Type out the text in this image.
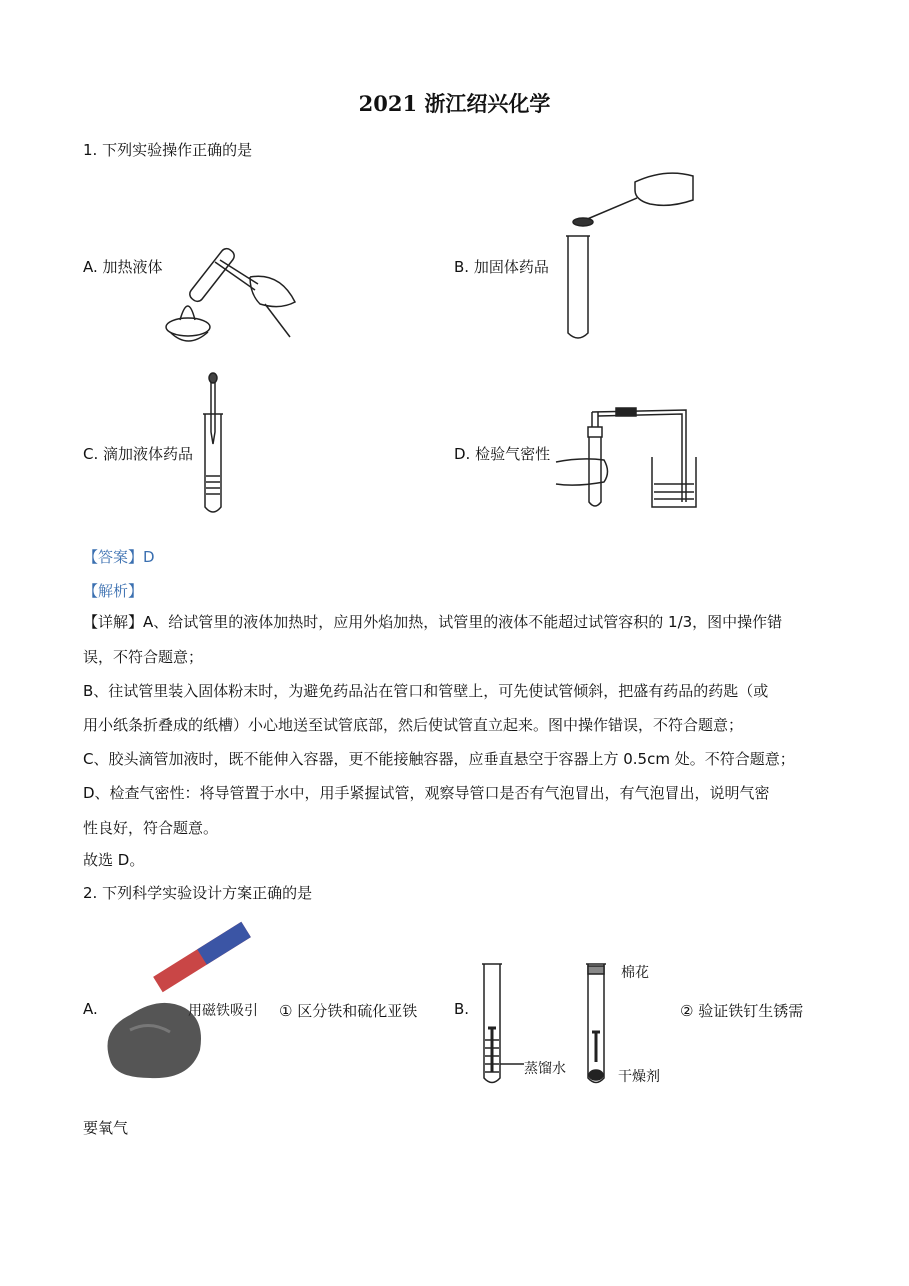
2021 浙江绍兴化学
1. 下列实验操作正确的是
A. 加热液体	B. 加固体药品
C. 滴加液体药品	D. 检验气密性
【答案】D
【解析】
【详解】A、给试管里的液体加热时，应用外焰加热，试管里的液体不能超过试管容积的 1/3，图中操作错
误，不符合题意；
B、往试管里装入固体粉末时，为避免药品沾在管口和管壁上，可先使试管倾斜，把盛有药品的药匙（或
用小纸条折叠成的纸槽）小心地送至试管底部，然后使试管直立起来。图中操作错误，不符合题意；
C、胶头滴管加液时，既不能伸入容器，更不能接触容器，应垂直悬空于容器上方 0.5cm 处。不符合题意；
D、检查气密性：将导管置于水中，用手紧握试管，观察导管口是否有气泡冒出，有气泡冒出，说明气密
性良好，符合题意。
故选 D。
2. 下列科学实验设计方案正确的是
A.	用磁铁吸引 ① 区分铁和硫化亚铁 B.
蒸馏水
棉花
干燥剂
② 验证铁钉生锈需
要氧气
